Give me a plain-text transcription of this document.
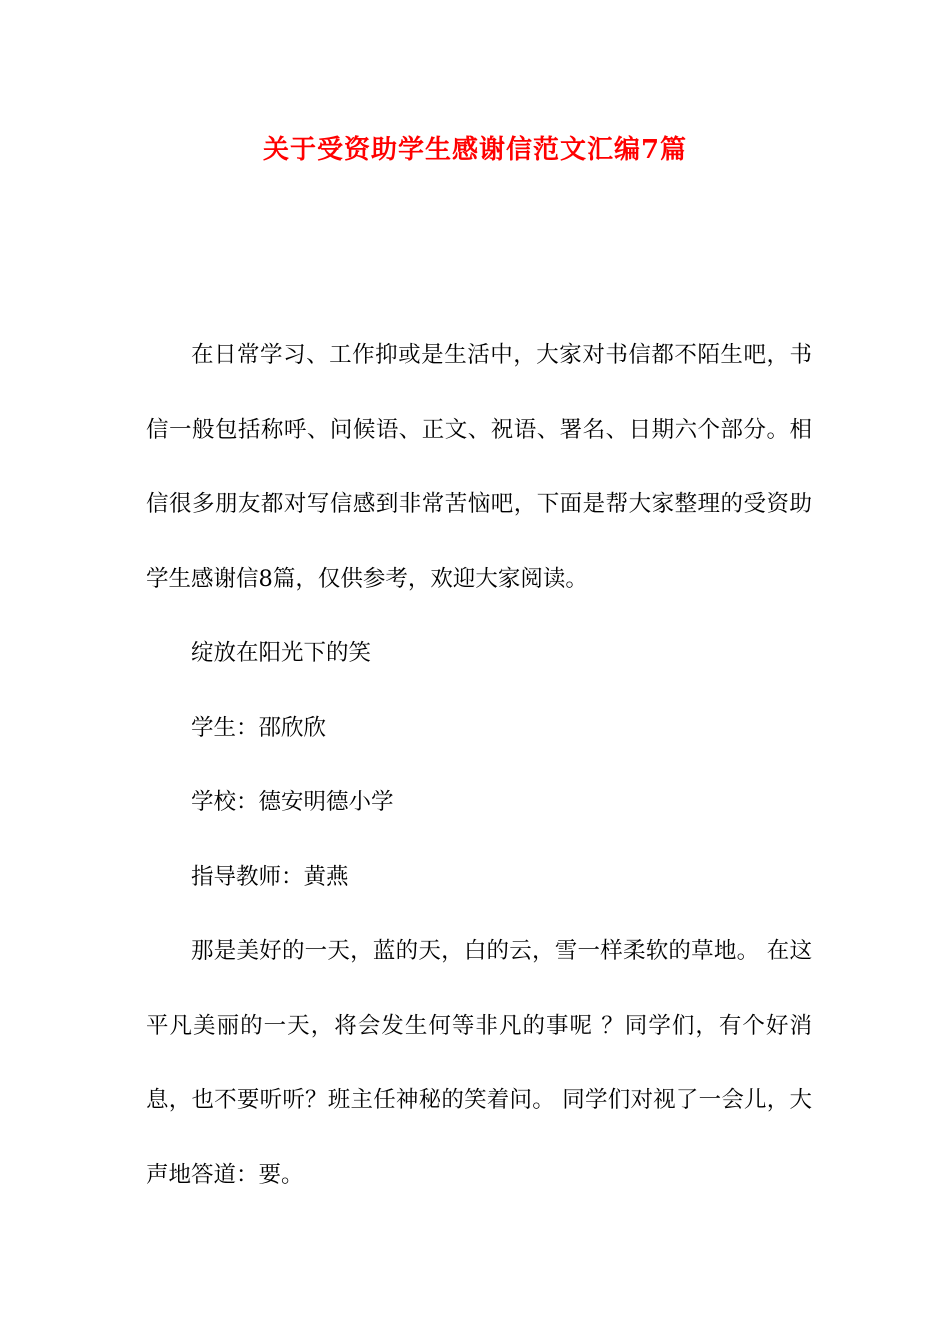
关于受资助学生感谢信范文汇编7篇

在日常学习、工作抑或是生活中，大家对书信都不陌生吧，书信一般包括称呼、问候语、正文、祝语、署名、日期六个部分。相信很多朋友都对写信感到非常苦恼吧，下面是帮大家整理的受资助学生感谢信8篇，仅供参考，欢迎大家阅读。

绽放在阳光下的笑

学生：邵欣欣

学校：德安明德小学

指导教师：黄燕

那是美好的一天，蓝的天，白的云，雪一样柔软的草地。 在这平凡美丽的一天，将会发生何等非凡的事呢 ？同学们，有个好消息，也不要听听？班主任神秘的笑着问。 同学们对视了一会儿，大声地答道：要。
